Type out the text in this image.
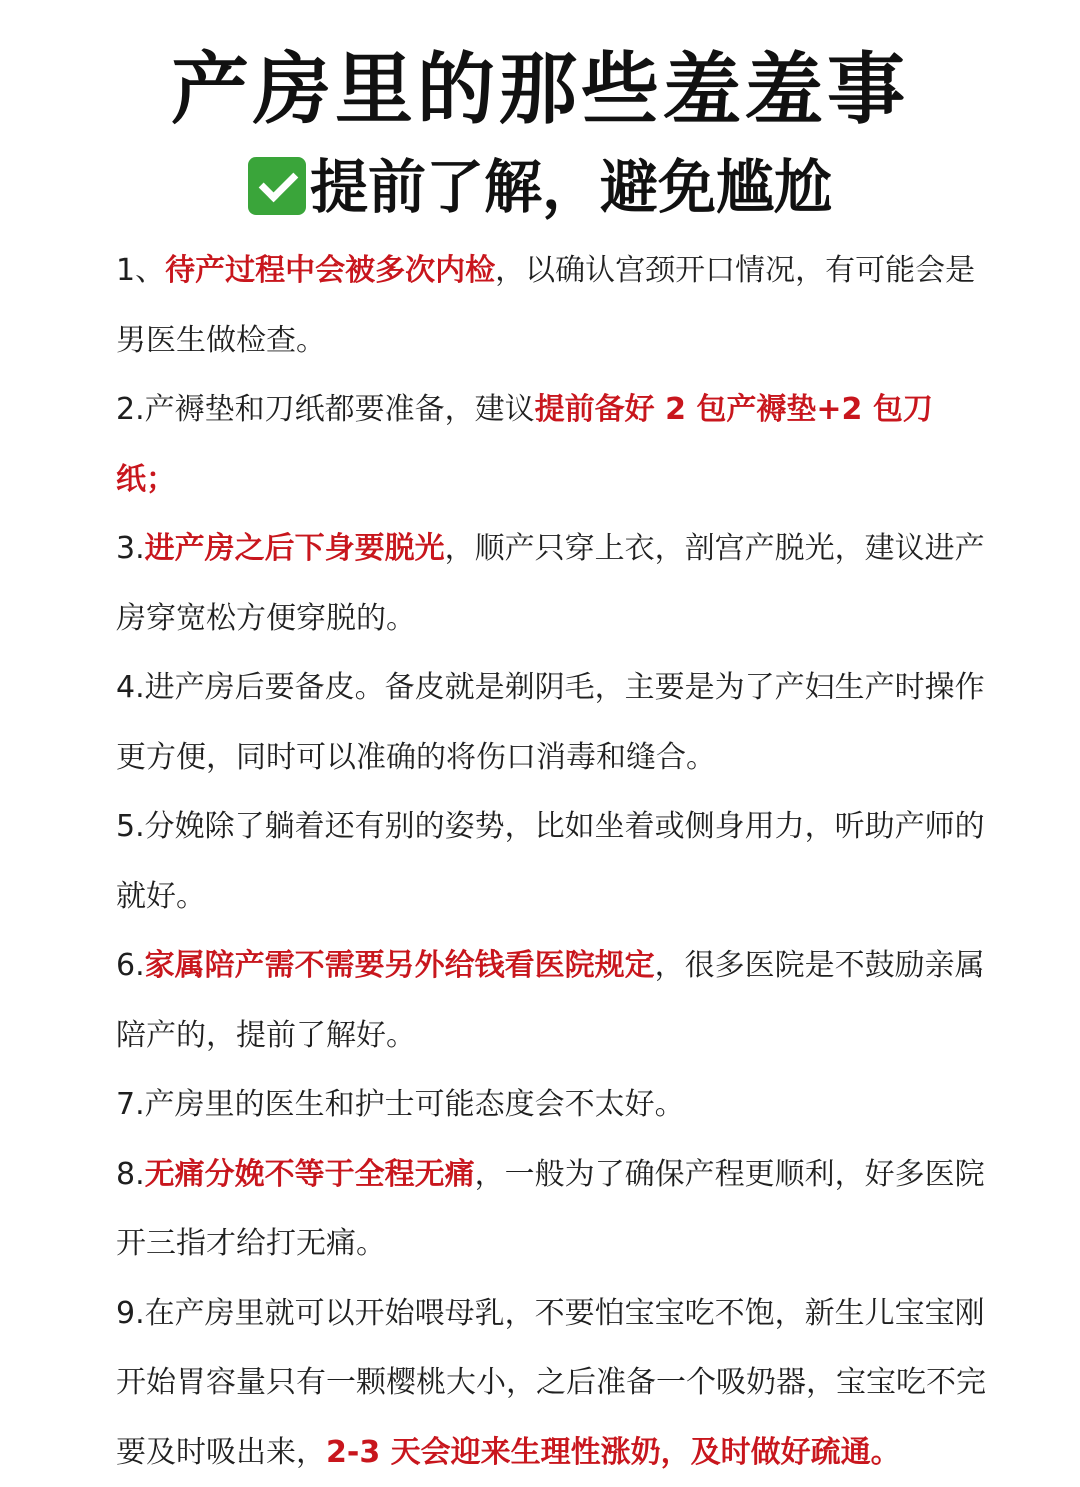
产房里的那些羞羞事
提前了解，避免尴尬

1、待产过程中会被多次内检，以确认宫颈开口情况，有可能会是男医生做检查。

2.产褥垫和刀纸都要准备，建议提前备好 2 包产褥垫+2 包刀纸；

3.进产房之后下身要脱光，顺产只穿上衣，剖宫产脱光，建议进产房穿宽松方便穿脱的。

4.进产房后要备皮。备皮就是剃阴毛，主要是为了产妇生产时操作更方便，同时可以准确的将伤口消毒和缝合。

5.分娩除了躺着还有别的姿势，比如坐着或侧身用力，听助产师的就好。

6.家属陪产需不需要另外给钱看医院规定，很多医院是不鼓励亲属陪产的，提前了解好。

7.产房里的医生和护士可能态度会不太好。

8.无痛分娩不等于全程无痛，一般为了确保产程更顺利，好多医院开三指才给打无痛。

9.在产房里就可以开始喂母乳，不要怕宝宝吃不饱，新生儿宝宝刚开始胃容量只有一颗樱桃大小，之后准备一个吸奶器，宝宝吃不完要及时吸出来，2-3 天会迎来生理性涨奶，及时做好疏通。
